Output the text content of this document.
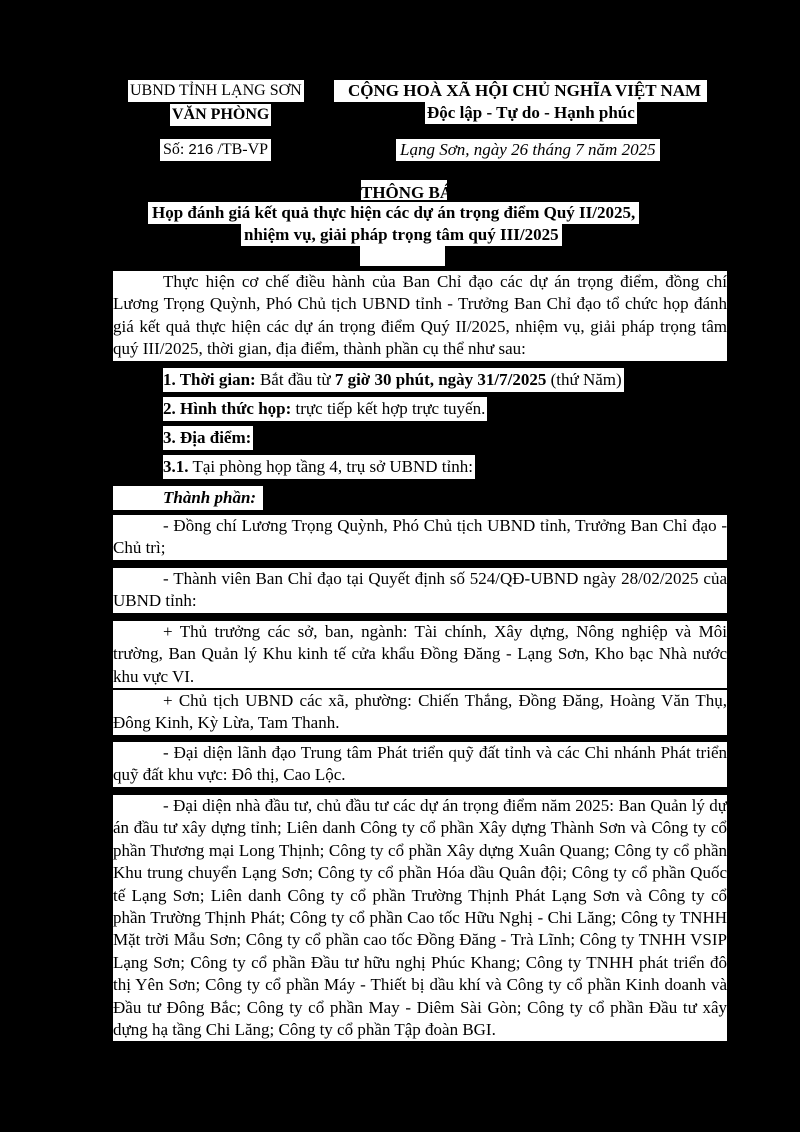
UBND TỈNH LẠNG SƠN
VĂN PHÒNG
Số: 216 /TB-VP
CỘNG HOÀ XÃ HỘI CHỦ NGHĨA VIỆT NAM
Độc lập - Tự do - Hạnh phúc
Lạng Sơn, ngày 26 tháng 7 năm 2025
THÔNG BÁO
Họp đánh giá kết quả thực hiện các dự án trọng điểm Quý II/2025,
nhiệm vụ, giải pháp trọng tâm quý III/2025
Thực hiện cơ chế điều hành của Ban Chỉ đạo các dự án trọng điểm, đồng chí Lương Trọng Quỳnh, Phó Chủ tịch UBND tỉnh - Trưởng Ban Chỉ đạo tổ chức họp đánh giá kết quả thực hiện các dự án trọng điểm Quý II/2025, nhiệm vụ, giải pháp trọng tâm quý III/2025, thời gian, địa điểm, thành phần cụ thể như sau:
1. Thời gian: Bắt đầu từ 7 giờ 30 phút, ngày 31/7/2025 (thứ Năm)
2. Hình thức họp: trực tiếp kết hợp trực tuyến.
3. Địa điểm:
3.1. Tại phòng họp tầng 4, trụ sở UBND tỉnh:
Thành phần:
- Đồng chí Lương Trọng Quỳnh, Phó Chủ tịch UBND tỉnh, Trưởng Ban Chỉ đạo - Chủ trì;
- Thành viên Ban Chỉ đạo tại Quyết định số 524/QĐ-UBND ngày 28/02/2025 của UBND tỉnh:
+ Thủ trưởng các sở, ban, ngành: Tài chính, Xây dựng, Nông nghiệp và Môi trường, Ban Quản lý Khu kinh tế cửa khẩu Đồng Đăng - Lạng Sơn, Kho bạc Nhà nước khu vực VI.
+ Chủ tịch UBND các xã, phường: Chiến Thắng, Đồng Đăng, Hoàng Văn Thụ, Đông Kinh, Kỳ Lừa, Tam Thanh.
- Đại diện lãnh đạo Trung tâm Phát triển quỹ đất tỉnh và các Chi nhánh Phát triển quỹ đất khu vực: Đô thị, Cao Lộc.
- Đại diện nhà đầu tư, chủ đầu tư các dự án trọng điểm năm 2025: Ban Quản lý dự án đầu tư xây dựng tỉnh; Liên danh Công ty cổ phần Xây dựng Thành Sơn và Công ty cổ phần Thương mại Long Thịnh; Công ty cổ phần Xây dựng Xuân Quang; Công ty cổ phần Khu trung chuyển Lạng Sơn; Công ty cổ phần Hóa dầu Quân đội; Công ty cổ phần Quốc tế Lạng Sơn; Liên danh Công ty cổ phần Trường Thịnh Phát Lạng Sơn và Công ty cổ phần Trường Thịnh Phát; Công ty cổ phần Cao tốc Hữu Nghị - Chi Lăng; Công ty TNHH Mặt trời Mẫu Sơn; Công ty cổ phần cao tốc Đồng Đăng - Trà Lĩnh; Công ty TNHH VSIP Lạng Sơn; Công ty cổ phần Đầu tư hữu nghị Phúc Khang; Công ty TNHH phát triển đô thị Yên Sơn; Công ty cổ phần Máy - Thiết bị dầu khí và Công ty cổ phần Kinh doanh và Đầu tư Đông Bắc; Công ty cổ phần May - Diêm Sài Gòn; Công ty cổ phần Đầu tư xây dựng hạ tầng Chi Lăng; Công ty cổ phần Tập đoàn BGI.
